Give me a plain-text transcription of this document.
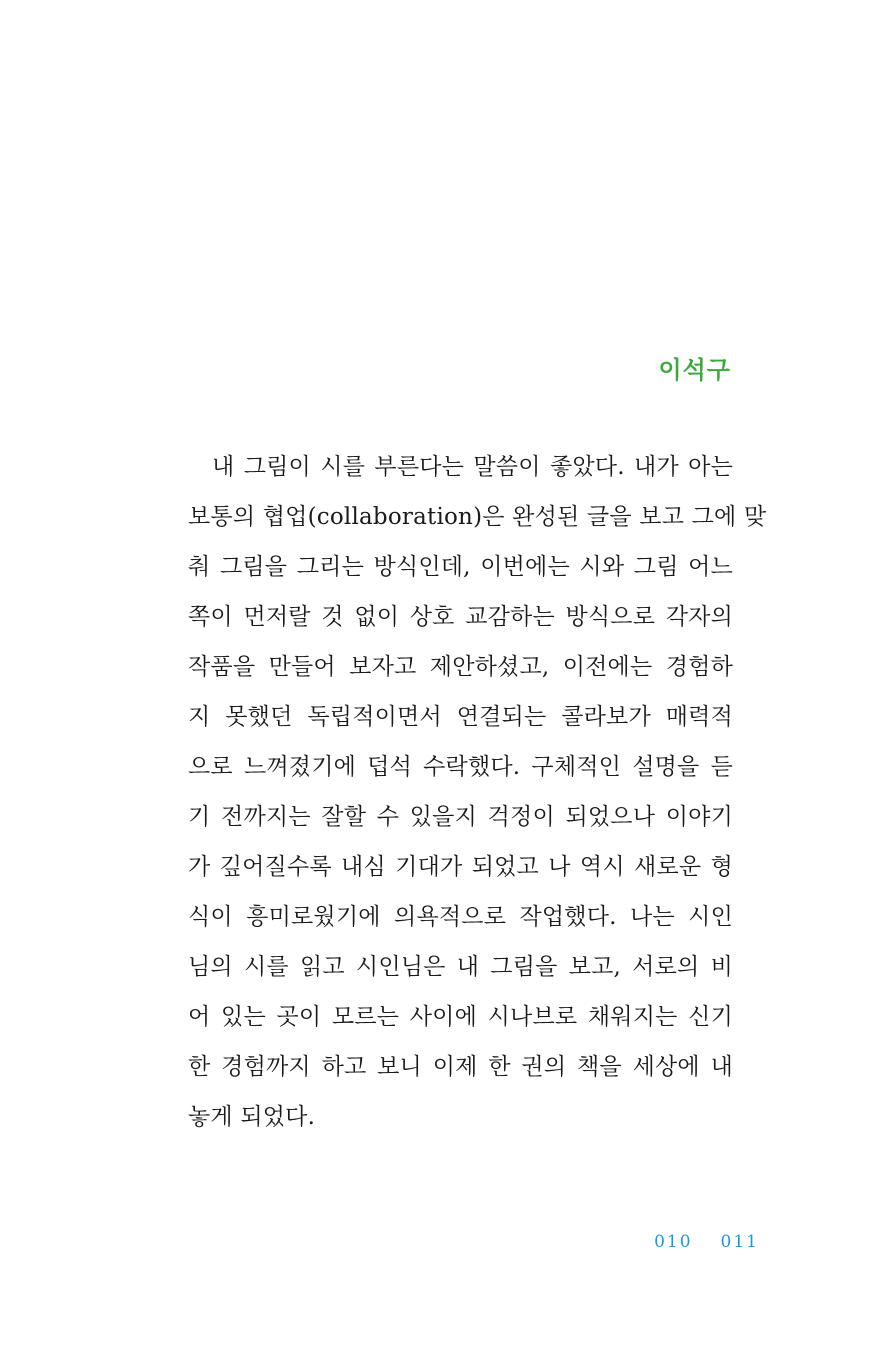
이석구
내 그림이 시를 부른다는 말씀이 좋았다. 내가 아는
보통의 협업(collaboration)은 완성된 글을 보고 그에 맞
춰 그림을 그리는 방식인데, 이번에는 시와 그림 어느
쪽이 먼저랄 것 없이 상호 교감하는 방식으로 각자의
작품을 만들어 보자고 제안하셨고, 이전에는 경험하
지 못했던 독립적이면서 연결되는 콜라보가 매력적
으로 느껴졌기에 덥석 수락했다. 구체적인 설명을 듣
기 전까지는 잘할 수 있을지 걱정이 되었으나 이야기
가 깊어질수록 내심 기대가 되었고 나 역시 새로운 형
식이 흥미로웠기에 의욕적으로 작업했다. 나는 시인
님의 시를 읽고 시인님은 내 그림을 보고, 서로의 비
어 있는 곳이 모르는 사이에 시나브로 채워지는 신기
한 경험까지 하고 보니 이제 한 권의 책을 세상에 내
놓게 되었다.
010 011
